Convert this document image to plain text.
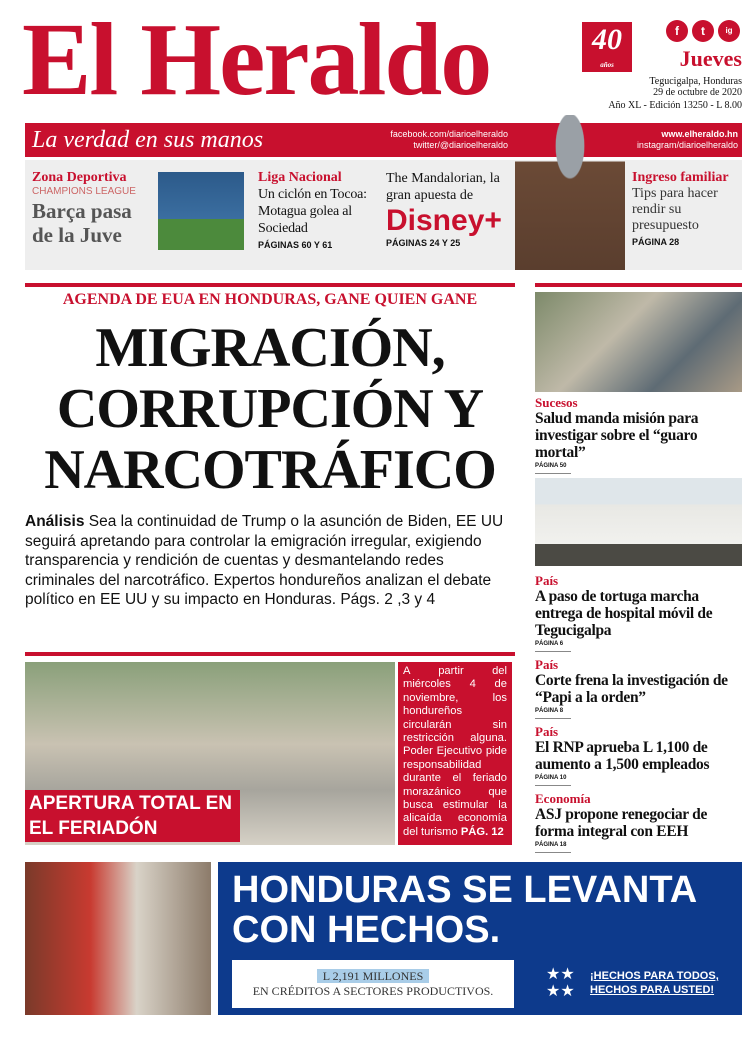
El Heraldo	40
años
f	t	ig
Jueves
Tegucigalpa, Honduras
29 de octubre de 2020
Año XL - Edición 13250 - L 8.00
La verdad en sus manos	facebook.com/diarioelheraldo
twitter/@diarioelheraldo
www.elheraldo.hn
instagram/diarioelheraldo
Zona Deportiva
CHAMPIONS LEAGUE
Barça pasa de la Juve
Liga Nacional
Un ciclón en Tocoa: Motagua golea al Sociedad
PÁGINAS 60 Y 61
The Mandalorian, la gran apuesta de
Disney+
PÁGINAS 24 Y 25
Ingreso familiar
Tips para hacer rendir su presupuesto
PÁGINA 28
AGENDA DE EUA EN HONDURAS, GANE QUIEN GANE
MIGRACIÓN, CORRUPCIÓN Y NARCOTRÁFICO
Análisis Sea la continuidad de Trump o la asunción de Biden, EE UU seguirá apretando para controlar la emigración irregular, exigiendo transparencia y rendición de cuentas y desmantelando redes criminales del narcotráfico. Expertos hondureños analizan el debate político en EE UU y su impacto en Honduras. Págs. 2 ,3 y 4
APERTURA TOTAL EN EL FERIADÓN
A partir del miércoles 4 de noviembre, los hondureños circularán sin restricción alguna. Poder Ejecutivo pide responsabilidad durante el feriado morazánico que busca estimular la alicaída economía del turismo PÁG. 12
Sucesos
Salud manda misión para investigar sobre el “guaro mortal”
PÁGINA 50
País
A paso de tortuga marcha entrega de hospital móvil de Tegucigalpa
PÁGINA 6
País
Corte frena la investigación de “Papi a la orden”
PÁGINA 8
País
El RNP aprueba L 1,100 de aumento a 1,500 empleados
PÁGINA 10
Economía
ASJ propone renegociar de forma integral con EEH
PÁGINA 18
HONDURAS SE LEVANTA
CON HECHOS.
L 2,191 MILLONES
EN CRÉDITOS A SECTORES PRODUCTIVOS.
★★
★★
¡HECHOS PARA TODOS,
HECHOS PARA USTED!
